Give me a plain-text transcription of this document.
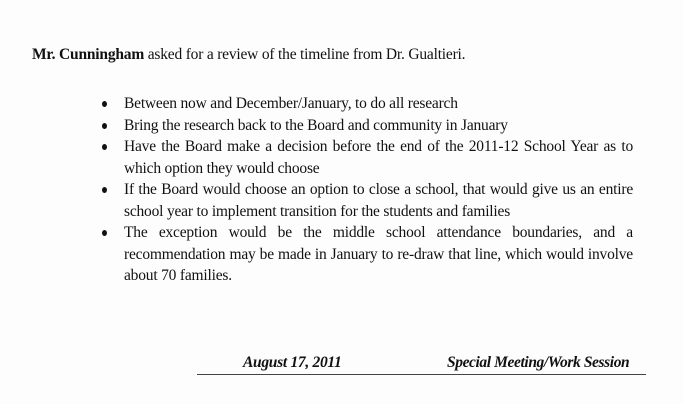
Mr. Cunningham asked for a review of the timeline from Dr. Gualtieri.
Between now and December/January, to do all research
Bring the research back to the Board and community in January
Have the Board make a decision before the end of the 2011-12 School Year as to which option they would choose
If the Board would choose an option to close a school, that would give us an entire school year to implement transition for the students and families
The exception would be the middle school attendance boundaries, and a recommendation may be made in January to re-draw that line, which would involve about 70 families.
August 17, 2011	Special Meeting/Work Session
